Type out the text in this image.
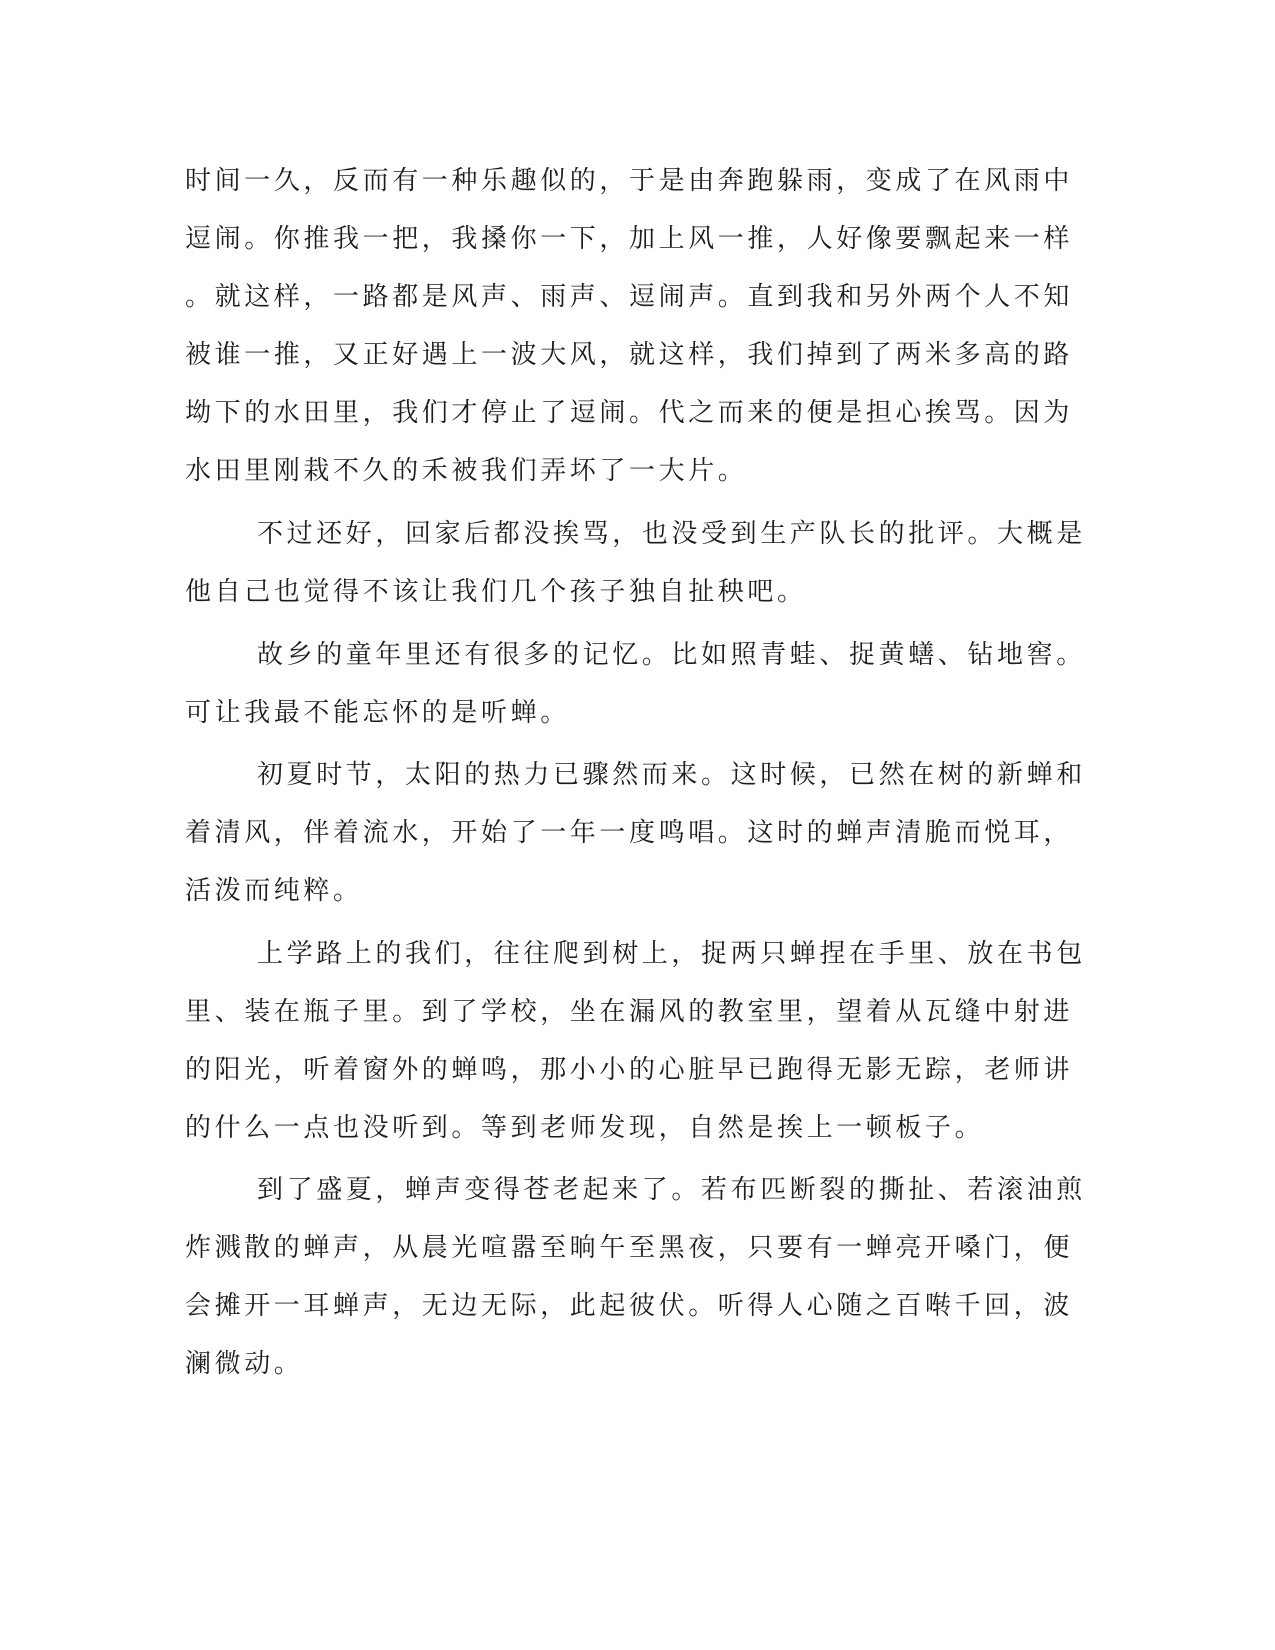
时间一久，反而有一种乐趣似的，于是由奔跑躲雨，变成了在风雨中
逗闹。你推我一把，我搡你一下，加上风一推，人好像要飘起来一样
。就这样，一路都是风声、雨声、逗闹声。直到我和另外两个人不知
被谁一推，又正好遇上一波大风，就这样，我们掉到了两米多高的路
坳下的水田里，我们才停止了逗闹。代之而来的便是担心挨骂。因为
水田里刚栽不久的禾被我们弄坏了一大片。
不过还好，回家后都没挨骂，也没受到生产队长的批评。大概是
他自己也觉得不该让我们几个孩子独自扯秧吧。
故乡的童年里还有很多的记忆。比如照青蛙、捉黄蟮、钻地窖。
可让我最不能忘怀的是听蝉。
初夏时节，太阳的热力已骤然而来。这时候，已然在树的新蝉和
着清风，伴着流水，开始了一年一度鸣唱。这时的蝉声清脆而悦耳，
活泼而纯粹。
上学路上的我们，往往爬到树上，捉两只蝉捏在手里、放在书包
里、装在瓶子里。到了学校，坐在漏风的教室里，望着从瓦缝中射进
的阳光，听着窗外的蝉鸣，那小小的心脏早已跑得无影无踪，老师讲
的什么一点也没听到。等到老师发现，自然是挨上一顿板子。
到了盛夏，蝉声变得苍老起来了。若布匹断裂的撕扯、若滚油煎
炸溅散的蝉声，从晨光喧嚣至晌午至黑夜，只要有一蝉亮开嗓门，便
会摊开一耳蝉声，无边无际，此起彼伏。听得人心随之百啭千回，波
澜微动。
